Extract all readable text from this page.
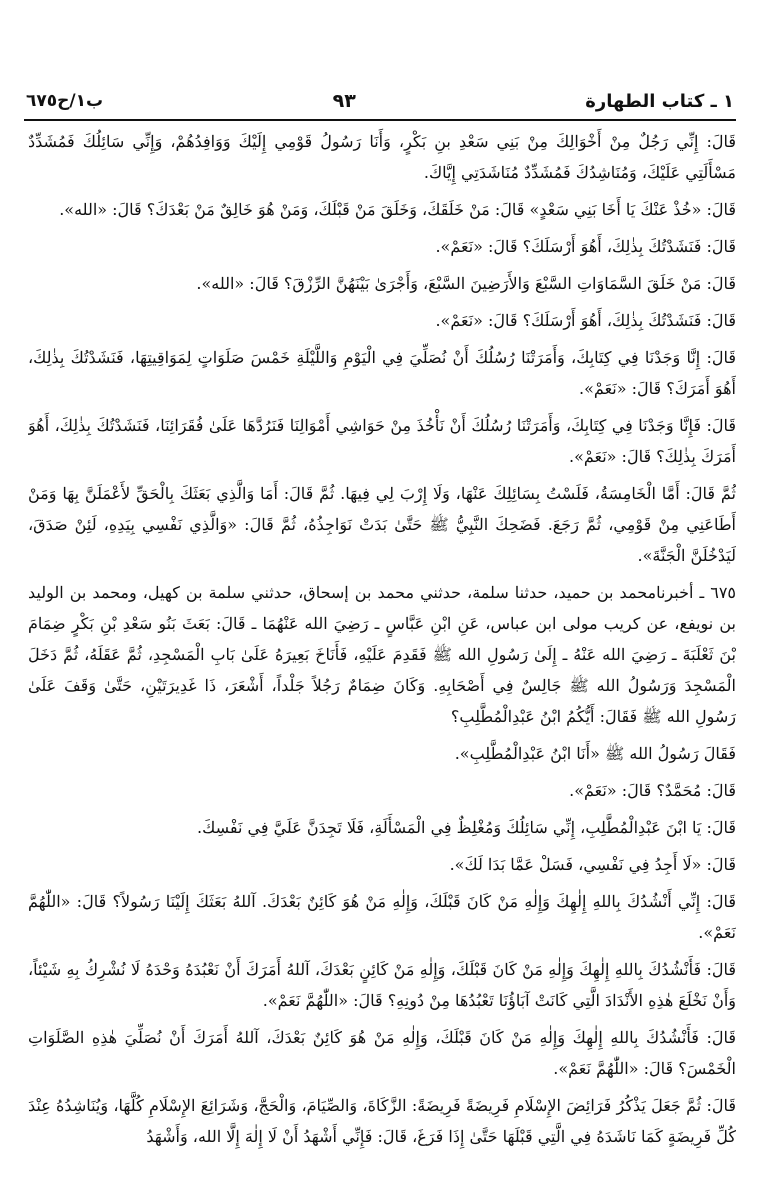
١ ـ كتاب الطهارة
٩٣
ب١/ح٦٧٥

قَالَ: إِنِّي رَجُلٌ مِنْ أَخْوَالِكَ مِنْ بَنِي سَعْدِ بنِ بَكْرٍ، وَأَنَا رَسُولُ قَوْمِي إِلَيْكَ وَوَافِدُهُمْ، وَإِنِّي سَائِلُكَ فَمُشَدِّدٌ مَسْأَلَتِي عَلَيْكَ، وَمُنَاشِدُكَ فَمُشَدِّدٌ مُنَاشَدَتِي إِيَّاكَ.

قَالَ: «خُذْ عَنْكَ يَا أَخَا بَنِي سَعْدٍ» قَالَ: مَنْ خَلَقَكَ، وَخَلَقَ مَنْ قَبْلَكَ، وَمَنْ هُوَ خَالِقٌ مَنْ بَعْدَكَ؟ قَالَ: «الله».

قَالَ: فَنَشَدْتُكَ بِذٰلِكَ، أَهُوَ أَرْسَلَكَ؟ قَالَ: «نَعَمْ».

قَالَ: مَنْ خَلَقَ السَّمَاوَاتِ السَّبْعَ وَالأَرَضِينَ السَّبْعَ، وَأَجْرَىٰ بَيْنَهُنَّ الرِّزْقَ؟ قَالَ: «الله».

قَالَ: فَنَشَدْتُكَ بِذٰلِكَ، أَهُوَ أَرْسَلَكَ؟ قَالَ: «نَعَمْ».

قَالَ: إِنَّا وَجَدْنَا فِي كِتَابِكَ، وَأَمَرَتْنَا رُسُلُكَ أَنْ نُصَلِّيَ فِي الْيَوْمِ وَاللَّيْلَةِ خَمْسَ صَلَوَاتٍ لِمَوَاقِيتِهَا، فَنَشَدْتُكَ بِذٰلِكَ، أَهُوَ أَمَرَكَ؟ قَالَ: «نَعَمْ».

قَالَ: فَإِنَّا وَجَدْنَا فِي كِتَابِكَ، وَأَمَرَتْنَا رُسُلُكَ أَنْ نَأْخُذَ مِنْ حَوَاشِي أَمْوَالِنَا فَنَرُدَّهَا عَلَىٰ فُقَرَائِنَا، فَنَشَدْتُكَ بِذٰلِكَ، أَهُوَ أَمَرَكَ بِذٰلِكَ؟ قَالَ: «نَعَمْ».

ثُمَّ قَالَ: أَمَّا الْخَامِسَةُ، فَلَسْتُ بِسَائِلِكَ عَنْهَا، وَلَا إِرْبَ لِي فِيهَا. ثُمَّ قَالَ: أَمَا وَالَّذِي بَعَثَكَ بِالْحَقِّ لأَعْمَلَنَّ بِهَا وَمَنْ أَطَاعَنِي مِنْ قَوْمِي، ثُمَّ رَجَعَ. فَضَحِكَ النَّبِيُّ ﷺ حَتَّىٰ بَدَتْ نَوَاجِذُهُ، ثُمَّ قَالَ: «وَالَّذِي نَفْسِي بِيَدِهِ، لَئِنْ صَدَقَ، لَيَدْخُلَنَّ الْجَنَّةَ».

٦٧٥ ـ أخبرنامحمد بن حميد، حدثنا سلمة، حدثني محمد بن إسحاق، حدثني سلمة بن كهيل، ومحمد بن الوليد بن نويفع، عن كريب مولى ابن عباس، عَنِ ابْنِ عَبَّاسٍ ـ رَضِيَ الله عَنْهُمَا ـ قَالَ: بَعَثَ بَنُو سَعْدِ بْنِ بَكْرٍ ضِمَامَ بْنَ ثَعْلَبَةَ ـ رَضِيَ الله عَنْهُ ـ إِلَىٰ رَسُولِ الله ﷺ فَقَدِمَ عَلَيْهِ، فَأَنَاخَ بَعِيرَهُ عَلَىٰ بَابِ الْمَسْجِدِ، ثُمَّ عَقَلَهُ، ثُمَّ دَخَلَ الْمَسْجِدَ وَرَسُولُ الله ﷺ جَالِسٌ فِي أَصْحَابِهِ. وَكَانَ ضِمَامٌ رَجُلاً جَلْداً، أَشْعَرَ، ذَا غَدِيرَتَيْنِ، حَتَّىٰ وَقَفَ عَلَىٰ رَسُولِ الله ﷺ فَقَالَ: أَيُّكُمُ ابْنُ عَبْدِالْمُطَّلِبِ؟

فَقَالَ رَسُولُ الله ﷺ «أَنَا ابْنُ عَبْدِالْمُطَّلِبِ».

قَالَ: مُحَمَّدٌ؟ قَالَ: «نَعَمْ».

قَالَ: يَا ابْنَ عَبْدِالْمُطَّلِبِ، إِنِّي سَائِلُكَ وَمُغْلِظٌ فِي الْمَسْأَلَةِ، فَلَا تَجِدَنَّ عَلَيَّ فِي نَفْسِكَ.

قَالَ: «لَا أَجِدُ فِي نَفْسِي، فَسَلْ عَمَّا بَدَا لَكَ».

قَالَ: إِنِّي أَنْشُدُكَ بِاللهِ إِلٰهِكَ وَإِلٰهِ مَنْ كَانَ قَبْلَكَ، وَإِلٰهِ مَنْ هُوَ كَائِنٌ بَعْدَكَ. آللهُ بَعَثَكَ إِلَيْنَا رَسُولاً؟ قَالَ: «اللّٰهُمَّ نَعَمْ».

قَالَ: فَأَنْشُدُكَ بِاللهِ إِلٰهِكَ وَإِلٰهِ مَنْ كَانَ قَبْلَكَ، وَإِلٰهِ مَنْ كَائِنٍ بَعْدَكَ، آللهُ أَمَرَكَ أَنْ نَعْبُدَهُ وَحْدَهُ لَا نُشْرِكُ بِهِ شَيْئاً، وَأَنْ نَخْلَعَ هٰذِهِ الأَنْدَادَ الَّتِي كَانَتْ آبَاؤُنَا تَعْبُدُهَا مِنْ دُونِهِ؟ قَالَ: «اللّٰهُمَّ نَعَمْ».

قَالَ: فَأَنْشُدُكَ بِاللهِ إِلٰهِكَ وَإِلٰهِ مَنْ كَانَ قَبْلَكَ، وَإِلٰهِ مَنْ هُوَ كَائِنٌ بَعْدَكَ، آللهُ أَمَرَكَ أَنْ نُصَلِّيَ هٰذِهِ الصَّلَوَاتِ الْخَمْسَ؟ قَالَ: «اللّٰهُمَّ نَعَمْ».

قَالَ: ثُمَّ جَعَلَ يَذْكُرُ فَرَائِضَ الإِسْلَامِ فَرِيضَةً فَرِيضَةً: الزَّكَاةَ، وَالصِّيَامَ، وَالْحَجَّ، وَشَرَائِعَ الإِسْلَامِ كُلَّهَا، وَيُنَاشِدُهُ عِنْدَ كُلِّ فَرِيضَةٍ كَمَا نَاشَدَهُ فِي الَّتِي قَبْلَهَا حَتَّىٰ إِذَا فَرَغَ، قَالَ: فَإِنِّي أَشْهَدُ أَنْ لَا إِلٰهَ إِلَّا الله، وَأَشْهَدُ
